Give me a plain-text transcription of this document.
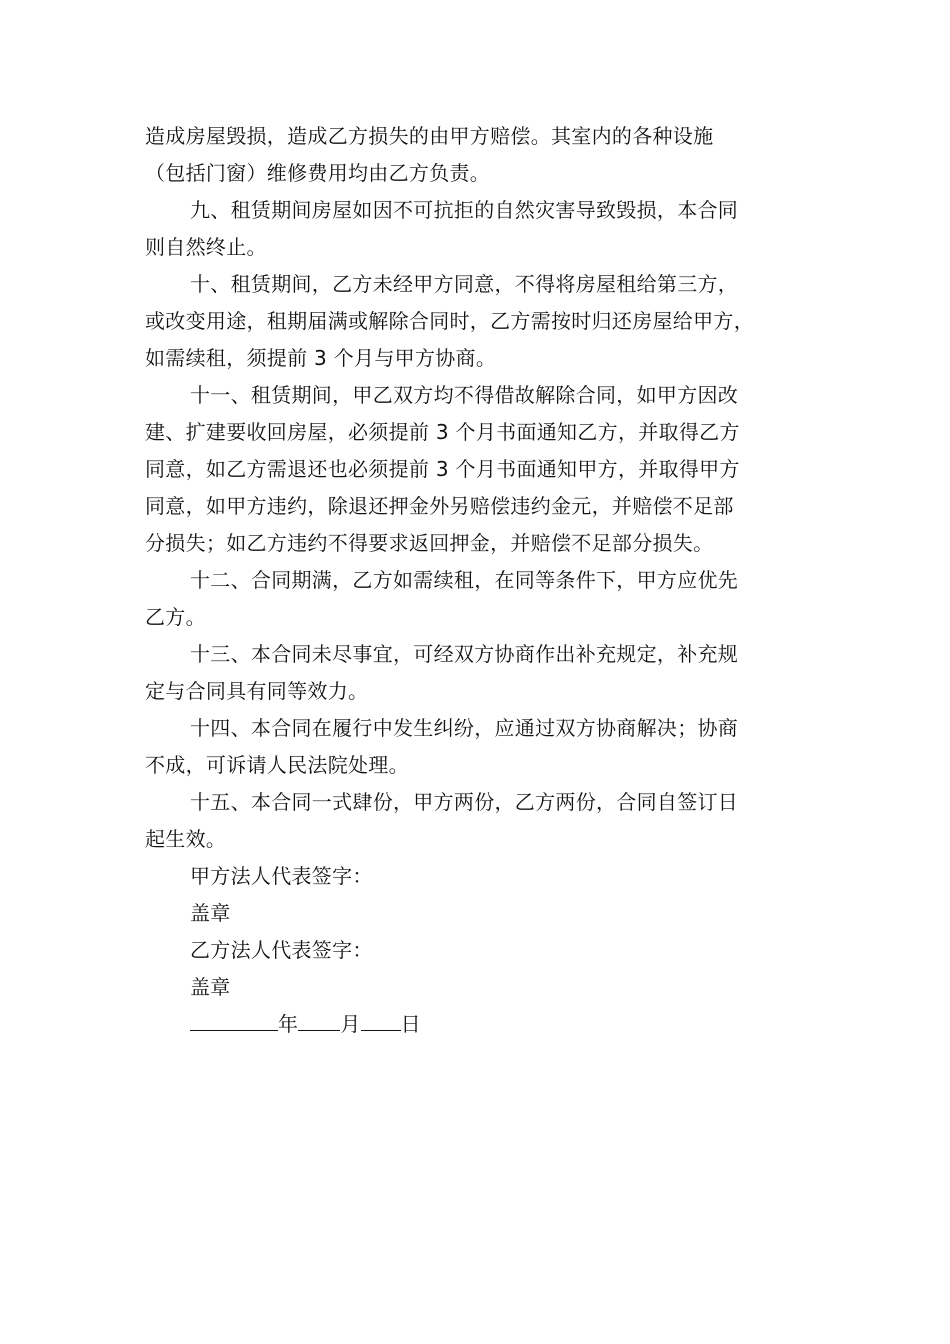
造成房屋毁损，造成乙方损失的由甲方赔偿。其室内的各种设施
（包括门窗）维修费用均由乙方负责。
九、租赁期间房屋如因不可抗拒的自然灾害导致毁损，本合同
则自然终止。
十、租赁期间，乙方未经甲方同意，不得将房屋租给第三方，
或改变用途，租期届满或解除合同时，乙方需按时归还房屋给甲方，
如需续租，须提前 3 个月与甲方协商。
十一、租赁期间，甲乙双方均不得借故解除合同，如甲方因改
建、扩建要收回房屋，必须提前 3 个月书面通知乙方，并取得乙方
同意，如乙方需退还也必须提前 3 个月书面通知甲方，并取得甲方
同意，如甲方违约，除退还押金外另赔偿违约金元，并赔偿不足部
分损失；如乙方违约不得要求返回押金，并赔偿不足部分损失。
十二、合同期满，乙方如需续租，在同等条件下，甲方应优先
乙方。
十三、本合同未尽事宜，可经双方协商作出补充规定，补充规
定与合同具有同等效力。
十四、本合同在履行中发生纠纷，应通过双方协商解决；协商
不成，可诉请人民法院处理。
十五、本合同一式肆份，甲方两份，乙方两份，合同自签订日
起生效。
甲方法人代表签字：
盖章
乙方法人代表签字：
盖章
年 月 日
